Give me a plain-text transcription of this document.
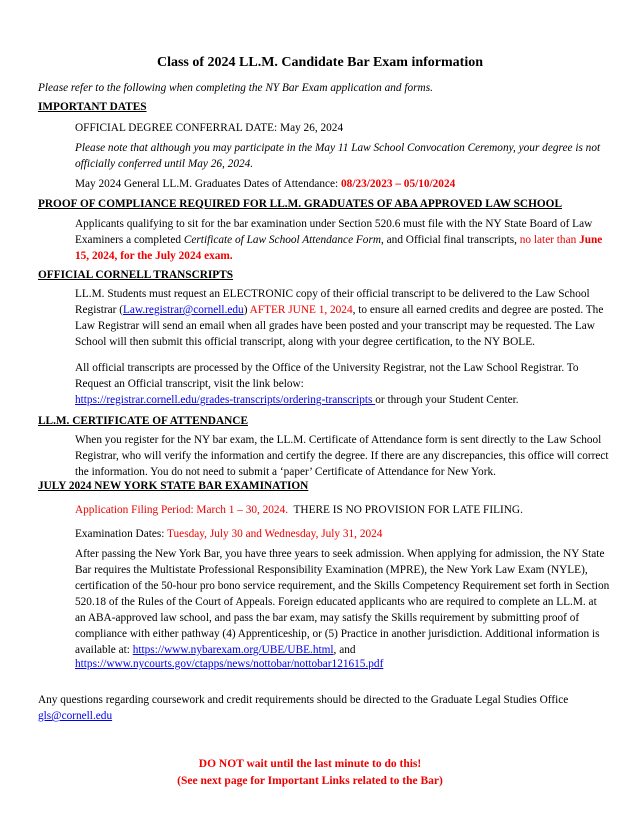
Class of 2024 LL.M. Candidate Bar Exam information
Please refer to the following when completing the NY Bar Exam application and forms.
IMPORTANT DATES
OFFICIAL DEGREE CONFERRAL DATE: May 26, 2024
Please note that although you may participate in the May 11 Law School Convocation Ceremony, your degree is not officially conferred until May 26, 2024.
May 2024 General LL.M. Graduates Dates of Attendance: 08/23/2023 – 05/10/2024
PROOF OF COMPLIANCE REQUIRED FOR LL.M. GRADUATES OF ABA APPROVED LAW SCHOOL
Applicants qualifying to sit for the bar examination under Section 520.6 must file with the NY State Board of Law Examiners a completed Certificate of Law School Attendance Form, and Official final transcripts, no later than June 15, 2024, for the July 2024 exam.
OFFICIAL CORNELL TRANSCRIPTS
LL.M. Students must request an ELECTRONIC copy of their official transcript to be delivered to the Law School Registrar (Law.registrar@cornell.edu) AFTER JUNE 1, 2024, to ensure all earned credits and degree are posted. The Law Registrar will send an email when all grades have been posted and your transcript may be requested. The Law School will then submit this official transcript, along with your degree certification, to the NY BOLE.
All official transcripts are processed by the Office of the University Registrar, not the Law School Registrar. To Request an Official transcript, visit the link below:
https://registrar.cornell.edu/grades-transcripts/ordering-transcripts or through your Student Center.
LL.M. CERTIFICATE OF ATTENDANCE
When you register for the NY bar exam, the LL.M. Certificate of Attendance form is sent directly to the Law School Registrar, who will verify the information and certify the degree. If there are any discrepancies, this office will correct the information. You do not need to submit a ‘paper’ Certificate of Attendance for New York.
JULY 2024 NEW YORK STATE BAR EXAMINATION
Application Filing Period: March 1 – 30, 2024.  THERE IS NO PROVISION FOR LATE FILING.
Examination Dates: Tuesday, July 30 and Wednesday, July 31, 2024
After passing the New York Bar, you have three years to seek admission. When applying for admission, the NY State Bar requires the Multistate Professional Responsibility Examination (MPRE), the New York Law Exam (NYLE), certification of the 50-hour pro bono service requirement, and the Skills Competency Requirement set forth in Section 520.18 of the Rules of the Court of Appeals. Foreign educated applicants who are required to complete an LL.M. at an ABA-approved law school, and pass the bar exam, may satisfy the Skills requirement by submitting proof of compliance with either pathway (4) Apprenticeship, or (5) Practice in another jurisdiction. Additional information is available at: https://www.nybarexam.org/UBE/UBE.html, and
https://www.nycourts.gov/ctapps/news/nottobar/nottobar121615.pdf
Any questions regarding coursework and credit requirements should be directed to the Graduate Legal Studies Office
gls@cornell.edu
DO NOT wait until the last minute to do this!
(See next page for Important Links related to the Bar)
